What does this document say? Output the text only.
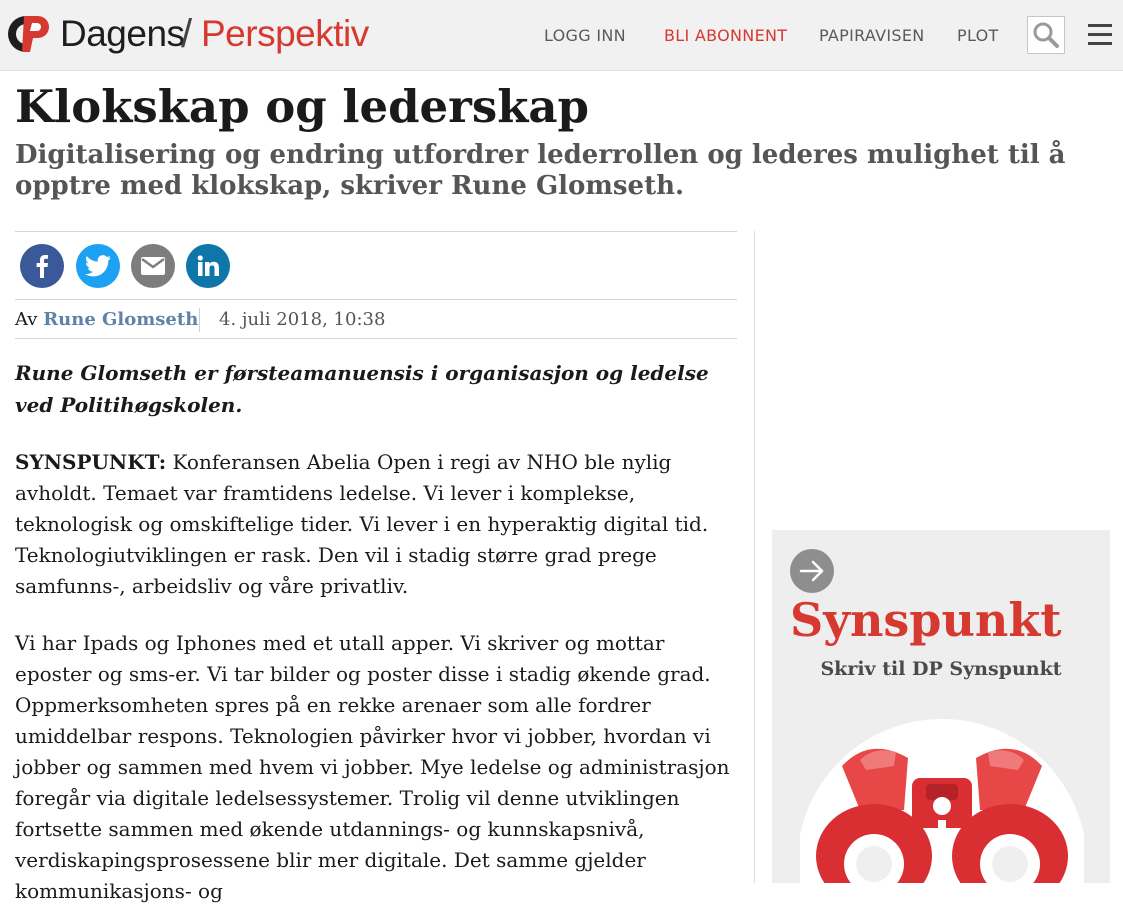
Dagens
/ Perspektiv	LOGG INN BLI ABONNENT PAPIRAVISEN PLOT
Klokskap og lederskap

Digitalisering og endring utfordrer lederrollen og lederes mulighet til å opptre med klokskap, skriver Rune Glomseth.

Av Rune Glomseth 4. juli 2018, 10:38

Rune Glomseth er førsteamanuensis i organisasjon og ledelse ved Politihøgskolen.

SYNSPUNKT: Konferansen Abelia Open i regi av NHO ble nylig avholdt. Temaet var framtidens ledelse. Vi lever i komplekse, teknologisk og omskiftelige tider. Vi lever i en hyperaktig digital tid. Teknologiutviklingen er rask. Den vil i stadig større grad prege samfunns-, arbeidsliv og våre privatliv.

Vi har Ipads og Iphones med et utall apper. Vi skriver og mottar eposter og sms-er. Vi tar bilder og poster disse i stadig økende grad. Oppmerksomheten spres på en rekke arenaer som alle fordrer umiddelbar respons. Teknologien påvirker hvor vi jobber, hvordan vi jobber og sammen med hvem vi jobber. Mye ledelse og administrasjon foregår via digitale ledelsessystemer. Trolig vil denne utviklingen fortsette sammen med økende utdannings- og kunnskapsnivå, verdiskapingsprosessene blir mer digitale. Det samme gjelder kommunikasjons- og

Synspunkt
Skriv til DP Synspunkt
